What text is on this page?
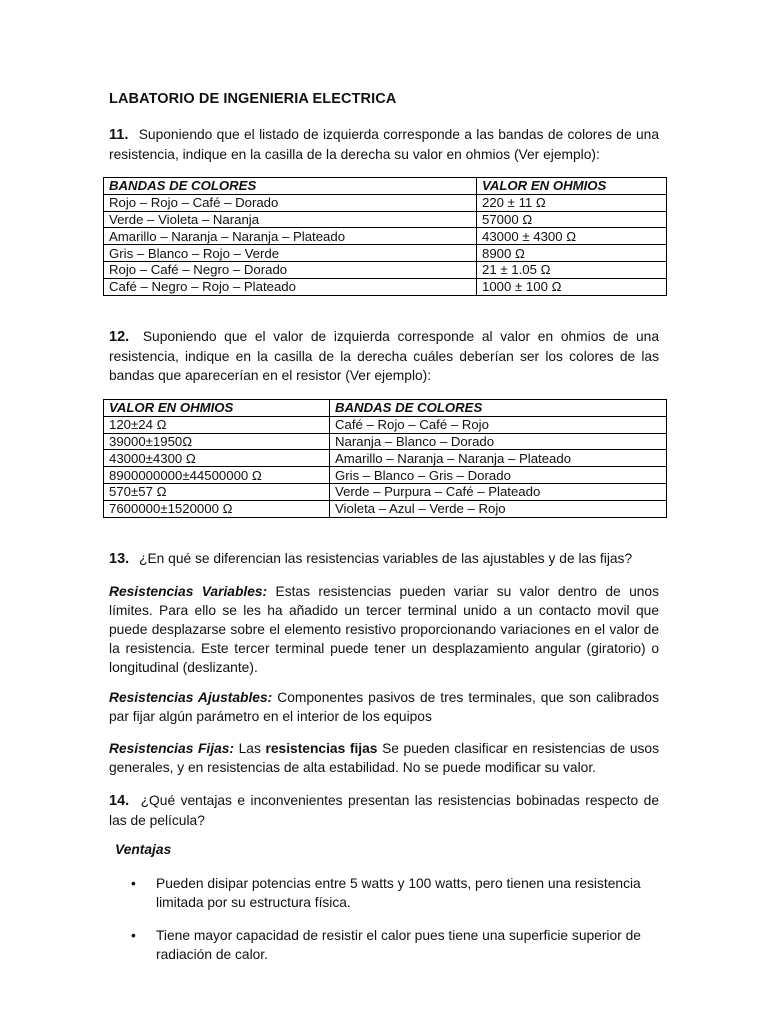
LABATORIO DE INGENIERIA ELECTRICA
11. Suponiendo que el listado de izquierda corresponde a las bandas de colores de una resistencia, indique en la casilla de la derecha su valor en ohmios (Ver ejemplo):
BANDAS DE COLORES	VALOR EN OHMIOS
Rojo – Rojo – Café – Dorado	220 ± 11 Ω
Verde – Violeta – Naranja	57000 Ω
Amarillo – Naranja – Naranja – Plateado	43000 ± 4300 Ω
Gris – Blanco – Rojo – Verde	8900 Ω
Rojo – Café – Negro – Dorado	21 ± 1.05 Ω
Café – Negro – Rojo – Plateado	1000 ± 100 Ω
12. Suponiendo que el valor de izquierda corresponde al valor en ohmios de una resistencia, indique en la casilla de la derecha cuáles deberían ser los colores de las bandas que aparecerían en el resistor (Ver ejemplo):
VALOR EN OHMIOS	BANDAS DE COLORES
120±24 Ω	Café – Rojo – Café – Rojo
39000±1950Ω	Naranja – Blanco – Dorado
43000±4300 Ω	Amarillo – Naranja – Naranja – Plateado
8900000000±44500000 Ω	Gris – Blanco – Gris – Dorado
570±57 Ω	Verde – Purpura – Café – Plateado
7600000±1520000 Ω	Violeta – Azul – Verde – Rojo
13. ¿En qué se diferencian las resistencias variables de las ajustables y de las fijas?
Resistencias Variables: Estas resistencias pueden variar su valor dentro de unos límites. Para ello se les ha añadido un tercer terminal unido a un contacto movil que puede desplazarse sobre el elemento resistivo proporcionando variaciones en el valor de la resistencia. Este tercer terminal puede tener un desplazamiento angular (giratorio) o longitudinal (deslizante).
Resistencias Ajustables: Componentes pasivos de tres terminales, que son calibrados par fijar algún parámetro en el interior de los equipos
Resistencias Fijas: Las resistencias fijas Se pueden clasificar en resistencias de usos generales, y en resistencias de alta estabilidad. No se puede modificar su valor.
14. ¿Qué ventajas e inconvenientes presentan las resistencias bobinadas respecto de las de película?
Ventajas
• Pueden disipar potencias entre 5 watts y 100 watts, pero tienen una resistencia limitada por su estructura física.
• Tiene mayor capacidad de resistir el calor pues tiene una superficie superior de radiación de calor.
